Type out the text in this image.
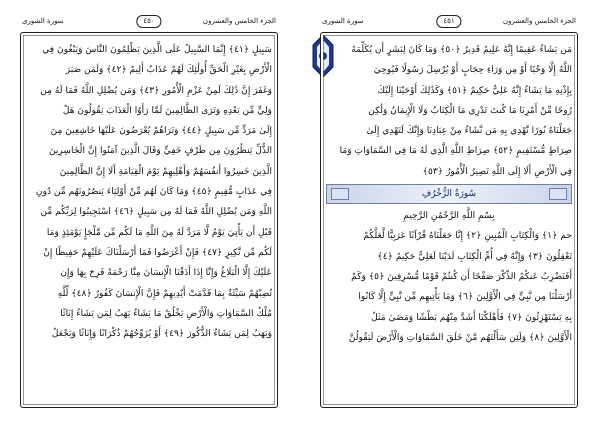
الجزء الخامس والعشرون
٤٥٠
سورة الشورى
سَبِيلٍ ﴿٤١﴾ إِنَّمَا السَّبِيلُ عَلَى الَّذِينَ يَظْلِمُونَ النَّاسَ وَيَبْغُونَ فِي
الْأَرْضِ بِغَيْرِ الْحَقِّ أُولَٰئِكَ لَهُمْ عَذَابٌ أَلِيمٌ ﴿٤٢﴾ وَلَمَن صَبَرَ
وَغَفَرَ إِنَّ ذَٰلِكَ لَمِنْ عَزْمِ الْأُمُورِ ﴿٤٣﴾ وَمَن يُضْلِلِ اللَّهُ فَمَا لَهُ مِن
وَلِيٍّ مِّن بَعْدِهِ وَتَرَى الظَّالِمِينَ لَمَّا رَأَوُا الْعَذَابَ يَقُولُونَ هَلْ
إِلَىٰ مَرَدٍّ مِّن سَبِيلٍ ﴿٤٤﴾ وَتَرَاهُمْ يُعْرَضُونَ عَلَيْهَا خَاشِعِينَ مِنَ
الذُّلِّ يَنظُرُونَ مِن طَرْفٍ خَفِيٍّ وَقَالَ الَّذِينَ آمَنُوا إِنَّ الْخَاسِرِينَ
الَّذِينَ خَسِرُوا أَنفُسَهُمْ وَأَهْلِيهِمْ يَوْمَ الْقِيَامَةِ أَلَا إِنَّ الظَّالِمِينَ
فِي عَذَابٍ مُّقِيمٍ ﴿٤٥﴾ وَمَا كَانَ لَهُم مِّنْ أَوْلِيَاءَ يَنصُرُونَهُم مِّن دُونِ
اللَّهِ وَمَن يُضْلِلِ اللَّهُ فَمَا لَهُ مِن سَبِيلٍ ﴿٤٦﴾ اسْتَجِيبُوا لِرَبِّكُم مِّن
قَبْلِ أَن يَأْتِيَ يَوْمٌ لَّا مَرَدَّ لَهُ مِنَ اللَّهِ مَا لَكُم مِّن مَّلْجَإٍ يَوْمَئِذٍ وَمَا
لَكُم مِّن نَّكِيرٍ ﴿٤٧﴾ فَإِنْ أَعْرَضُوا فَمَا أَرْسَلْنَاكَ عَلَيْهِمْ حَفِيظًا إِنْ
عَلَيْكَ إِلَّا الْبَلَاغُ وَإِنَّا إِذَا أَذَقْنَا الْإِنسَانَ مِنَّا رَحْمَةً فَرِحَ بِهَا وَإِن
تُصِبْهُمْ سَيِّئَةٌ بِمَا قَدَّمَتْ أَيْدِيهِمْ فَإِنَّ الْإِنسَانَ كَفُورٌ ﴿٤٨﴾ لِّلَّهِ
مُلْكُ السَّمَاوَاتِ وَالْأَرْضِ يَخْلُقُ مَا يَشَاءُ يَهَبُ لِمَن يَشَاءُ إِنَاثًا
وَيَهَبُ لِمَن يَشَاءُ الذُّكُورَ ﴿٤٩﴾ أَوْ يُزَوِّجُهُمْ ذُكْرَانًا وَإِنَاثًا وَيَجْعَلُ
الجزء الخامس والعشرون
٤٥١
سورة الشورى
مَن يَشَاءُ عَقِيمًا إِنَّهُ عَلِيمٌ قَدِيرٌ ﴿٥٠﴾ وَمَا كَانَ لِبَشَرٍ أَن يُكَلِّمَهُ
اللَّهُ إِلَّا وَحْيًا أَوْ مِن وَرَاءِ حِجَابٍ أَوْ يُرْسِلَ رَسُولًا فَيُوحِيَ
بِإِذْنِهِ مَا يَشَاءُ إِنَّهُ عَلِيٌّ حَكِيمٌ ﴿٥١﴾ وَكَذَٰلِكَ أَوْحَيْنَا إِلَيْكَ
رُوحًا مِّنْ أَمْرِنَا مَا كُنتَ تَدْرِي مَا الْكِتَابُ وَلَا الْإِيمَانُ وَلَٰكِن
جَعَلْنَاهُ نُورًا نَّهْدِي بِهِ مَن نَّشَاءُ مِنْ عِبَادِنَا وَإِنَّكَ لَتَهْدِي إِلَىٰ
صِرَاطٍ مُّسْتَقِيمٍ ﴿٥٢﴾ صِرَاطِ اللَّهِ الَّذِي لَهُ مَا فِي السَّمَاوَاتِ وَمَا
فِي الْأَرْضِ أَلَا إِلَى اللَّهِ تَصِيرُ الْأُمُورُ ﴿٥٣﴾
سُورَةُ الزُّخْرُفِ
بِسْمِ اللَّهِ الرَّحْمَٰنِ الرَّحِيمِ
حم ﴿١﴾ وَالْكِتَابِ الْمُبِينِ ﴿٢﴾ إِنَّا جَعَلْنَاهُ قُرْآنًا عَرَبِيًّا لَّعَلَّكُمْ
تَعْقِلُونَ ﴿٣﴾ وَإِنَّهُ فِي أُمِّ الْكِتَابِ لَدَيْنَا لَعَلِيٌّ حَكِيمٌ ﴿٤﴾
أَفَنَضْرِبُ عَنكُمُ الذِّكْرَ صَفْحًا أَن كُنتُمْ قَوْمًا مُّسْرِفِينَ ﴿٥﴾ وَكَمْ
أَرْسَلْنَا مِن نَّبِيٍّ فِي الْأَوَّلِينَ ﴿٦﴾ وَمَا يَأْتِيهِم مِّن نَّبِيٍّ إِلَّا كَانُوا
بِهِ يَسْتَهْزِئُونَ ﴿٧﴾ فَأَهْلَكْنَا أَشَدَّ مِنْهُم بَطْشًا وَمَضَىٰ مَثَلُ
الْأَوَّلِينَ ﴿٨﴾ وَلَئِن سَأَلْتَهُم مَّنْ خَلَقَ السَّمَاوَاتِ وَالْأَرْضَ لَيَقُولُنَّ
